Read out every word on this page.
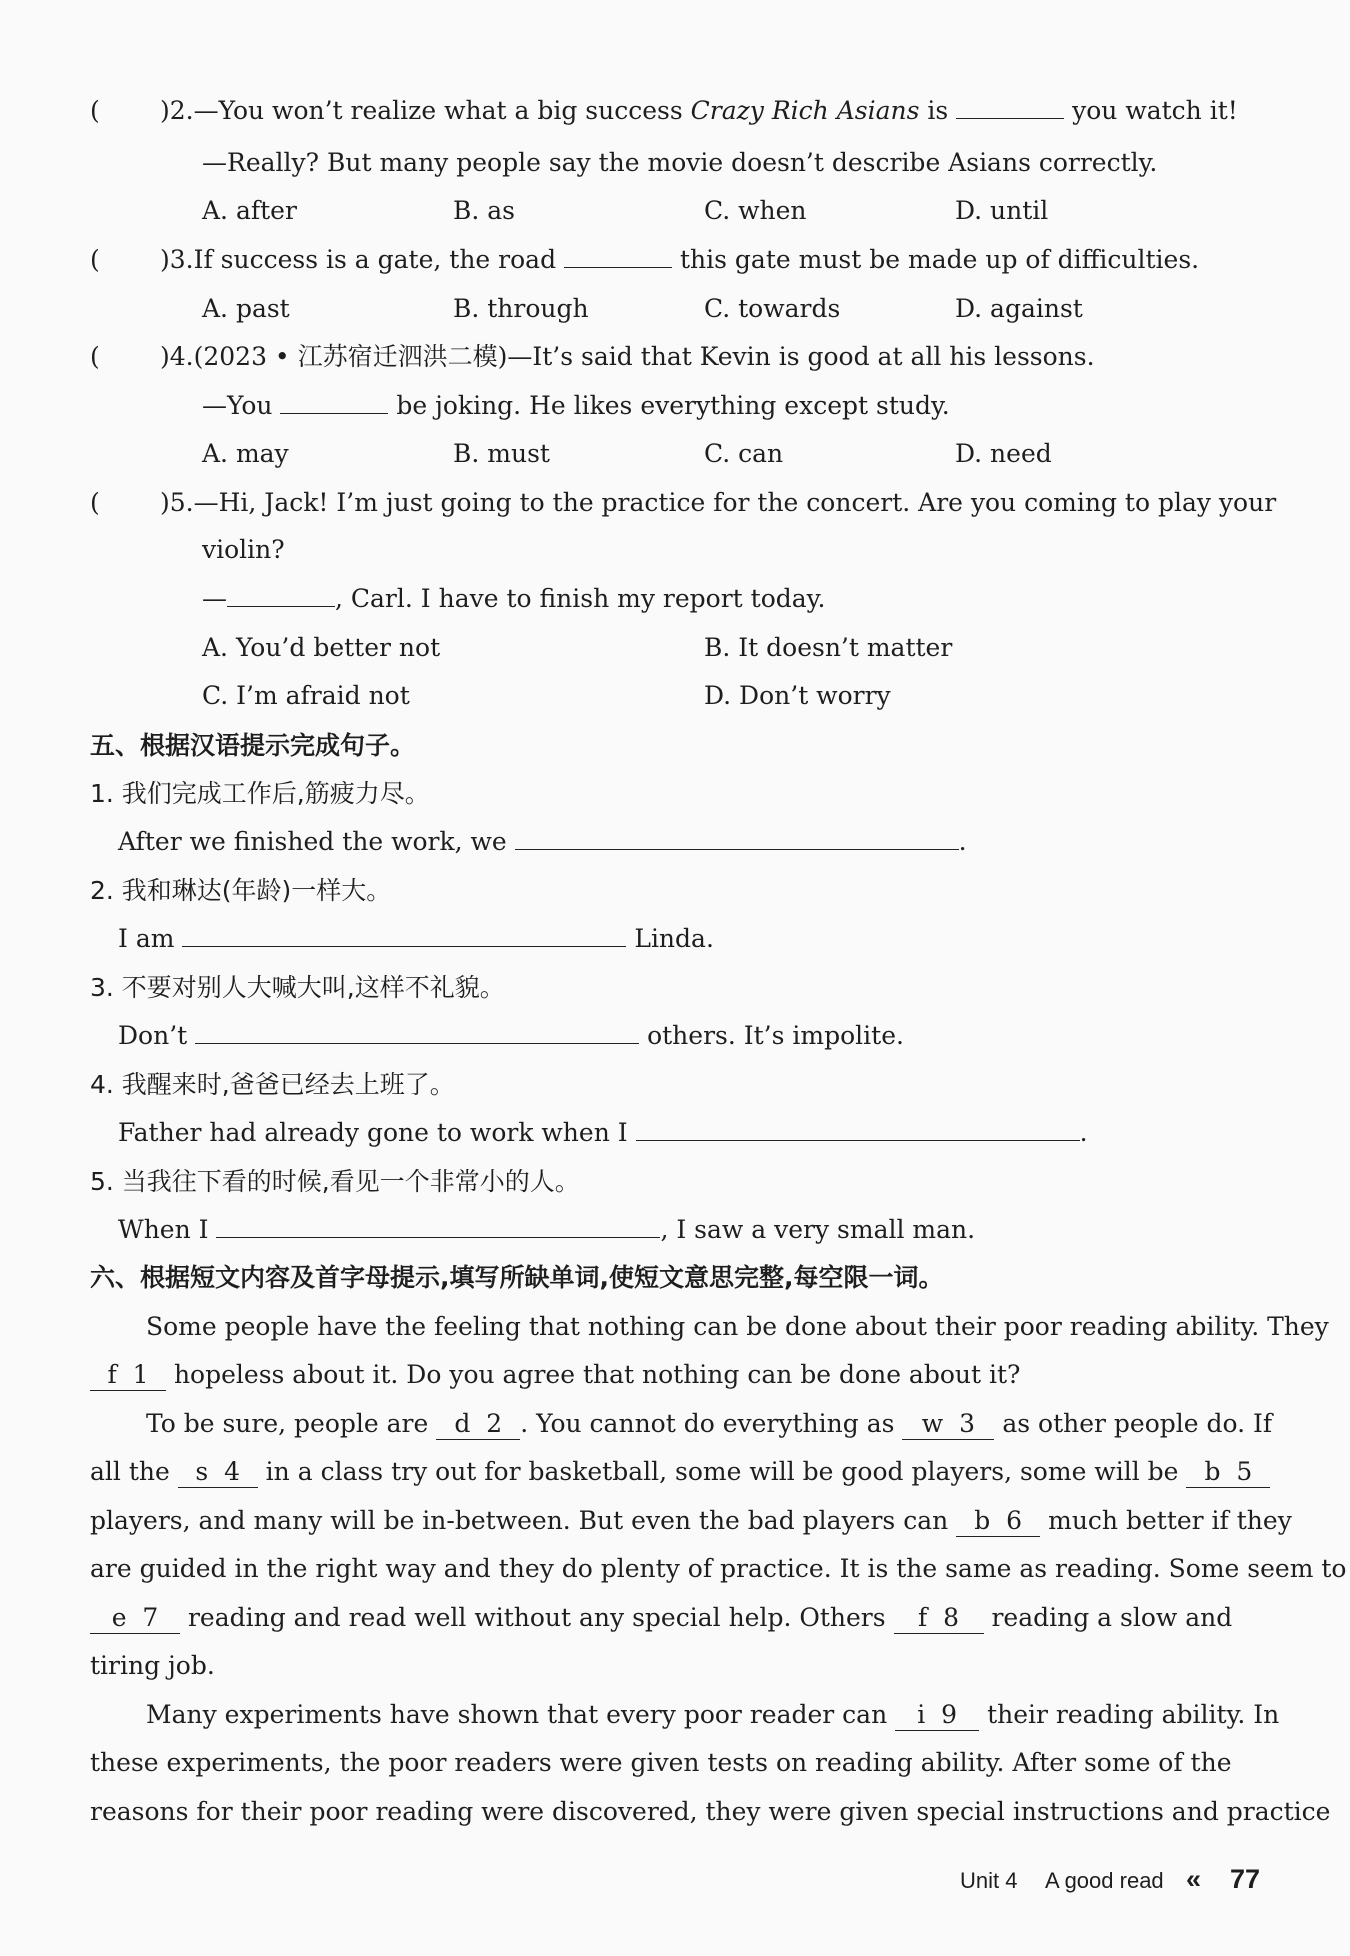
( )2.—You won’t realize what a big success Crazy Rich Asians is	you watch it!
—Really? But many people say the movie doesn’t describe Asians correctly.
A. after	B. as	C. when	D. until
( )3.If success is a gate, the road	this gate must be made up of difficulties.
A. past	B. through	C. towards	D. against
( )4.(2023 • 江苏宿迁泗洪二模)—It’s said that Kevin is good at all his lessons.
—You	be joking. He likes everything except study.
A. may	B. must	C. can	D. need
( )5.—Hi, Jack! I’m just going to the practice for the concert. Are you coming to play your
violin?
—	, Carl. I have to finish my report today.
A. You’d better not	B. It doesn’t matter
C. I’m afraid not	D. Don’t worry
五、根据汉语提示完成句子。
1. 我们完成工作后,筋疲力尽。
After we finished the work, we	.
2. 我和琳达(年龄)一样大。
I am	Linda.
3. 不要对别人大喊大叫,这样不礼貌。
Don’t	others. It’s impolite.
4. 我醒来时,爸爸已经去上班了。
Father had already gone to work when I	.
5. 当我往下看的时候,看见一个非常小的人。
When I	, I saw a very small man.
六、根据短文内容及首字母提示,填写所缺单词,使短文意思完整,每空限一词。
Some people have the feeling that nothing can be done about their poor reading ability. They
f 1 hopeless about it. Do you agree that nothing can be done about it?
To be sure, people are d 2 . You cannot do everything as w 3 as other people do. If
all the s 4 in a class try out for basketball, some will be good players, some will be b 5
players, and many will be in-between. But even the bad players can b 6 much better if they
are guided in the right way and they do plenty of practice. It is the same as reading. Some seem to
e 7 reading and read well without any special help. Others f 8 reading a slow and
tiring job.
Many experiments have shown that every poor reader can i 9 their reading ability. In
these experiments, the poor readers were given tests on reading ability. After some of the
reasons for their poor reading were discovered, they were given special instructions and practice
Unit 4 A good read « 77
